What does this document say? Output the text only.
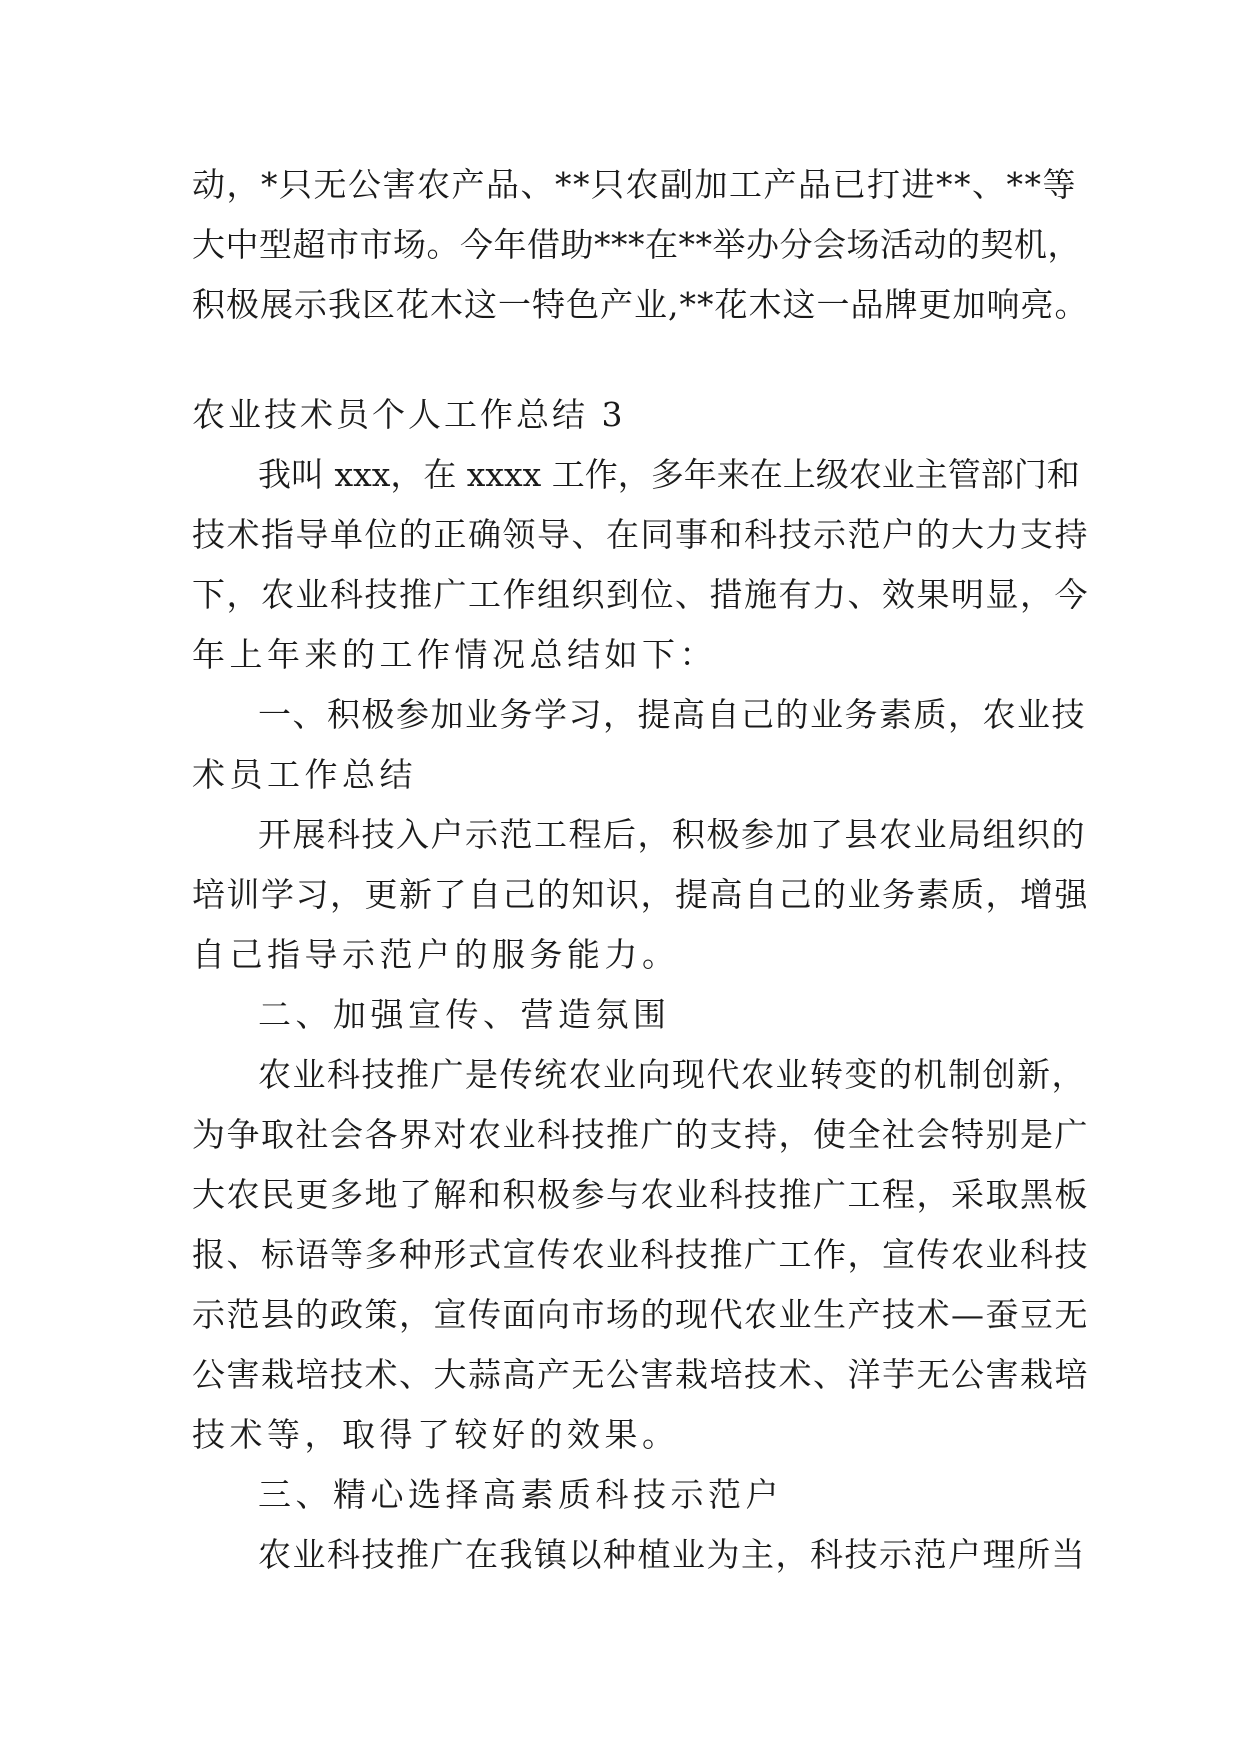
动，*只无公害农产品、**只农副加工产品已打进**、**等
大中型超市市场。今年借助***在**举办分会场活动的契机，
积极展示我区花木这一特色产业,**花木这一品牌更加响亮。
农业技术员个人工作总结 3
我叫 xxx，在 xxxx 工作，多年来在上级农业主管部门和
技术指导单位的正确领导、在同事和科技示范户的大力支持
下，农业科技推广工作组织到位、措施有力、效果明显，今
年上年来的工作情况总结如下：
一、积极参加业务学习，提高自己的业务素质，农业技
术员工作总结
开展科技入户示范工程后，积极参加了县农业局组织的
培训学习，更新了自己的知识，提高自己的业务素质，增强
自己指导示范户的服务能力。
二、加强宣传、营造氛围
农业科技推广是传统农业向现代农业转变的机制创新，
为争取社会各界对农业科技推广的支持，使全社会特别是广
大农民更多地了解和积极参与农业科技推广工程，采取黑板
报、标语等多种形式宣传农业科技推广工作，宣传农业科技
示范县的政策，宣传面向市场的现代农业生产技术—蚕豆无
公害栽培技术、大蒜高产无公害栽培技术、洋芋无公害栽培
技术等，取得了较好的效果。
三、精心选择高素质科技示范户
农业科技推广在我镇以种植业为主，科技示范户理所当
